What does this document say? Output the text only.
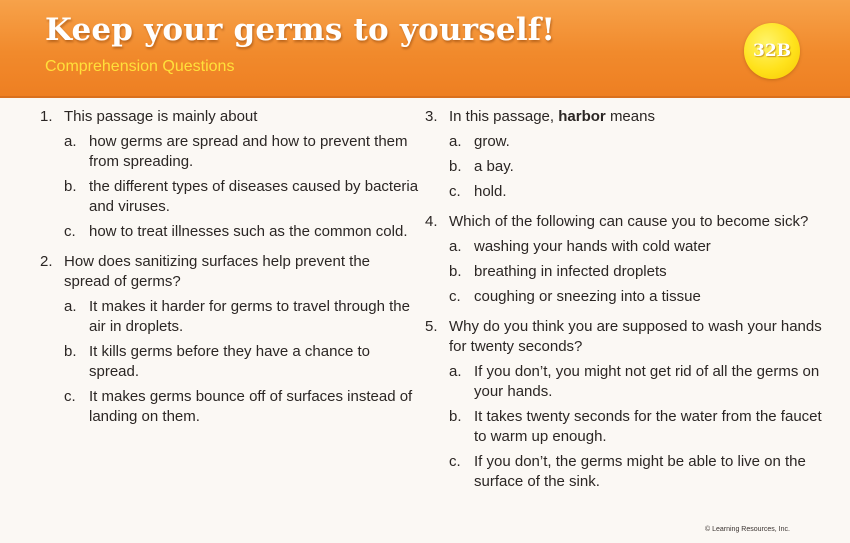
Keep your germs to yourself!
Comprehension Questions
32B
1. This passage is mainly about
a. how germs are spread and how to prevent them from spreading.
b. the different types of diseases caused by bacteria and viruses.
c. how to treat illnesses such as the common cold.
2. How does sanitizing surfaces help prevent the spread of germs?
a. It makes it harder for germs to travel through the air in droplets.
b. It kills germs before they have a chance to spread.
c. It makes germs bounce off of surfaces instead of landing on them.
3. In this passage, harbor means
a. grow.
b. a bay.
c. hold.
4. Which of the following can cause you to become sick?
a. washing your hands with cold water
b. breathing in infected droplets
c. coughing or sneezing into a tissue
5. Why do you think you are supposed to wash your hands for twenty seconds?
a. If you don’t, you might not get rid of all the germs on your hands.
b. It takes twenty seconds for the water from the faucet to warm up enough.
c. If you don’t, the germs might be able to live on the surface of the sink.
© Learning Resources, Inc.
